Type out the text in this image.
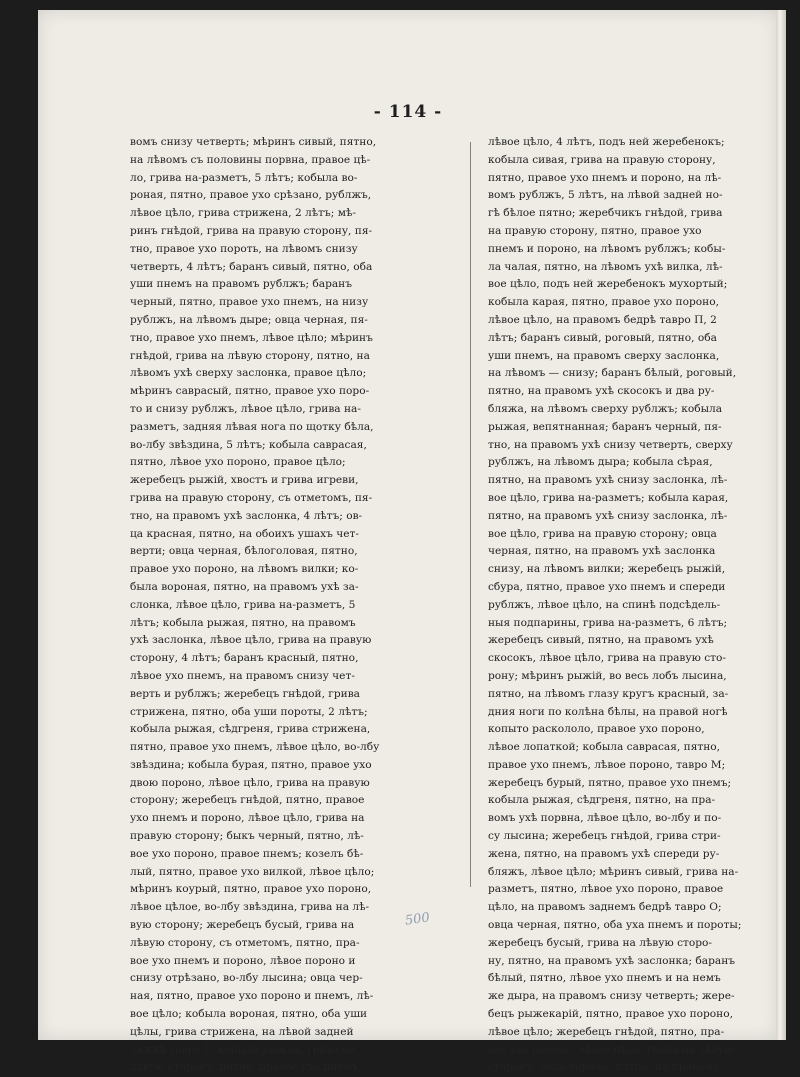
- 114 -
вомъ снизу четверть; мѣринъ сивый, пятно,
на лѣвомъ съ половины порвна, правое цѣ-
ло, грива на-разметъ, 5 лѣтъ; кобыла во-
роная, пятно, правое ухо срѣзано, рублжъ,
лѣвое цѣло, грива стрижена, 2 лѣтъ; мѣ-
ринъ гнѣдой, грива на правую сторону, пя-
тно, правое ухо пороть, на лѣвомъ снизу
четверть, 4 лѣтъ; баранъ сивый, пятно, оба
уши пнемъ на правомъ рублжъ; баранъ
черный, пятно, правое ухо пнемъ, на низу
рублжъ, на лѣвомъ дыре; овца черная, пя-
тно, правое ухо пнемъ, лѣвое цѣло; мѣринъ
гнѣдой, грива на лѣвую сторону, пятно, на
лѣвомъ ухѣ сверху заслонка, правое цѣло;
мѣринъ саврасый, пятно, правое ухо поро-
то и снизу рублжъ, лѣвое цѣло, грива на-
разметъ, задняя лѣвая нога по щотку бѣла,
во-лбу звѣздина, 5 лѣтъ; кобыла саврасая,
пятно, лѣвое ухо пороно, правое цѣло;
жеребецъ рыжій, хвостъ и грива игреви,
грива на правую сторону, съ отметомъ, пя-
тно, на правомъ ухѣ заслонка, 4 лѣтъ; ов-
ца красная, пятно, на обоихъ ушахъ чет-
верти; овца черная, бѣлоголовая, пятно,
правое ухо пороно, на лѣвомъ вилки; ко-
была вороная, пятно, на правомъ ухѣ за-
слонка, лѣвое цѣло, грива на-разметъ, 5
лѣтъ; кобыла рыжая, пятно, на правомъ
ухѣ заслонка, лѣвое цѣло, грива на правую
сторону, 4 лѣтъ; баранъ красный, пятно,
лѣвое ухо пнемъ, на правомъ снизу чет-
верть и рублжъ; жеребецъ гнѣдой, грива
стрижена, пятно, оба уши пороты, 2 лѣтъ;
кобыла рыжая, сѣдгреня, грива стрижена,
пятно, правое ухо пнемъ, лѣвое цѣло, во-лбу
звѣздина; кобыла бурая, пятно, правое ухо
двою пороно, лѣвое цѣло, грива на правую
сторону; жеребецъ гнѣдой, пятно, правое
ухо пнемъ и пороно, лѣвое цѣло, грива на
правую сторону; быкъ черный, пятно, лѣ-
вое ухо пороно, правое пнемъ; козелъ бѣ-
лый, пятно, правое ухо вилкой, лѣвое цѣло;
мѣринъ коурый, пятно, правое ухо пороно,
лѣвое цѣлое, во-лбу звѣздина, грива на лѣ-
вую сторону; жеребецъ бусый, грива на
лѣвую сторону, съ отметомъ, пятно, пра-
вое ухо пнемъ и пороно, лѣвое пороно и
снизу отрѣзано, во-лбу лысина; овца чер-
ная, пятно, правое ухо пороно и пнемъ, лѣ-
вое цѣло; кобыла вороная, пятно, оба уши
цѣлы, грива стрижена, на лѣвой задней
ляжкѣ тавро Г; кобыла рыжая, грива на
лѣвую сторону, пятно, правое ухо пнемъ,
лѣвое цѣло, 4 лѣтъ, подъ ней жеребенокъ;
кобыла сивая, грива на правую сторону,
пятно, правое ухо пнемъ и пороно, на лѣ-
вомъ рублжъ, 5 лѣтъ, на лѣвой задней но-
гѣ бѣлое пятно; жеребчикъ гнѣдой, грива
на правую сторону, пятно, правое ухо
пнемъ и пороно, на лѣвомъ рублжъ; кобы-
ла чалая, пятно, на лѣвомъ ухѣ вилка, лѣ-
вое цѣло, подъ ней жеребенокъ мухортый;
кобыла карая, пятно, правое ухо пороно,
лѣвое цѣло, на правомъ бедрѣ тавро П, 2
лѣтъ; баранъ сивый, роговый, пятно, оба
уши пнемъ, на правомъ сверху заслонка,
на лѣвомъ — снизу; баранъ бѣлый, роговый,
пятно, на правомъ ухѣ скосокъ и два ру-
бляжа, на лѣвомъ сверху рублжъ; кобыла
рыжая, вепятнанная; баранъ черный, пя-
тно, на правомъ ухѣ снизу четверть, сверху
рублжъ, на лѣвомъ дыра; кобыла сѣрая,
пятно, на правомъ ухѣ снизу заслонка, лѣ-
вое цѣло, грива на-разметъ; кобыла карая,
пятно, на правомъ ухѣ снизу заслонка, лѣ-
вое цѣло, грива на правую сторону; овца
черная, пятно, на правомъ ухѣ заслонка
снизу, на лѣвомъ вилки; жеребецъ рыжій,
сбура, пятно, правое ухо пнемъ и спереди
рублжъ, лѣвое цѣло, на спинѣ подсѣдель-
ныя подпарины, грива на-разметъ, 6 лѣтъ;
жеребецъ сивый, пятно, на правомъ ухѣ
скосокъ, лѣвое цѣло, грива на правую сто-
рону; мѣринъ рыжій, во весь лобъ лысина,
пятно, на лѣвомъ глазу кругъ красный, за-
дния ноги по колѣна бѣлы, на правой ногѣ
копыто раскололо, правое ухо пороно,
лѣвое лопаткой; кобыла саврасая, пятно,
правое ухо пнемъ, лѣвое пороно, тавро М;
жеребецъ бурый, пятно, правое ухо пнемъ;
кобыла рыжая, сѣдгреня, пятно, на пра-
вомъ ухѣ порвна, лѣвое цѣло, во-лбу и по-
су лысина; жеребецъ гнѣдой, грива стри-
жена, пятно, на правомъ ухѣ спереди ру-
бляжъ, лѣвое цѣло; мѣринъ сивый, грива на-
разметъ, пятно, лѣвое ухо пороно, правое
цѣло, на правомъ заднемъ бедрѣ тавро О;
овца черная, пятно, оба уха пнемъ и пороты;
жеребецъ бусый, грива на лѣвую сторо-
ну, пятно, на правомъ ухѣ заслонка; баранъ
бѣлый, пятно, лѣвое ухо пнемъ и на немъ
же дыра, на правомъ снизу четверть; жере-
бецъ рыжекарій, пятно, правое ухо пороно,
лѣвое цѣло; жеребецъ гнѣдой, пятно, пра-
вое ухо пороно, лѣвое цѣло, грива на лѣвую
сторону; овца черная, пятно, на правомъ
500
